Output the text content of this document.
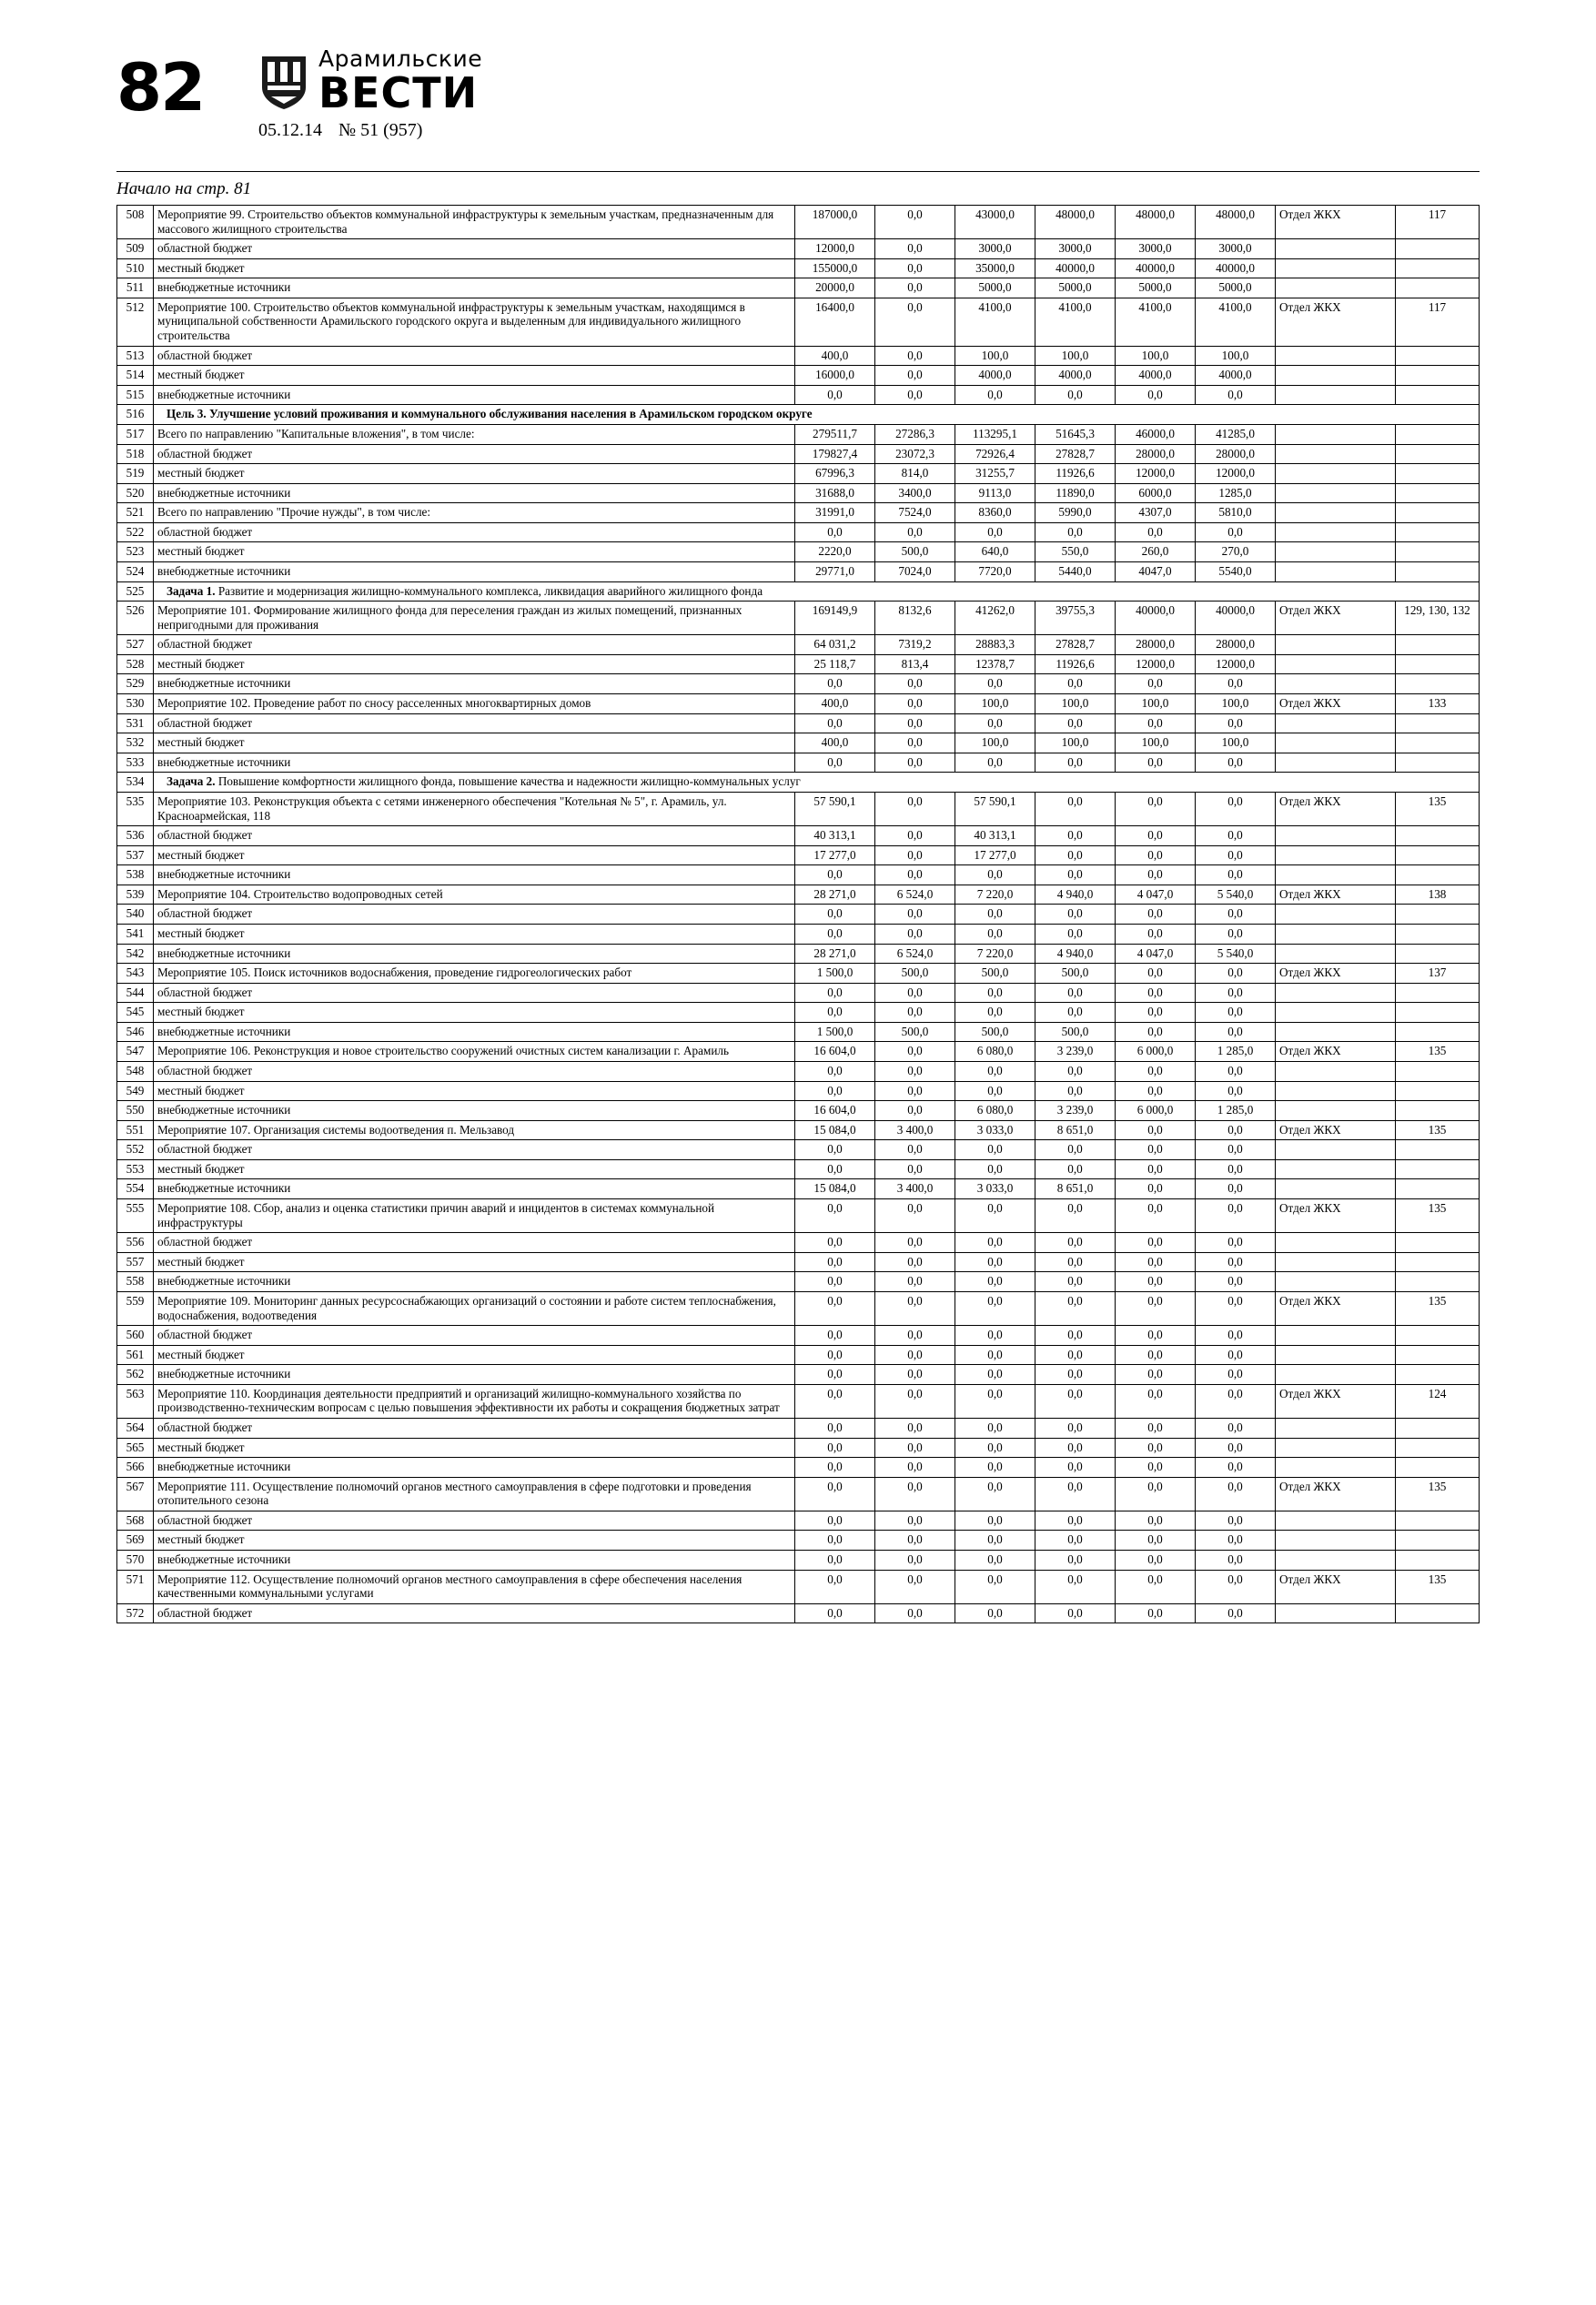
82	Арамильские
ВЕСТИ
05.12.14 № 51 (957)
Начало на стр. 81
508	Мероприятие 99. Строительство объектов коммунальной инфраструктуры к земельным участкам, предназначенным для массового жилищного строительства	187000,0	0,0	43000,0	48000,0	48000,0	48000,0	Отдел ЖКХ	117
509	областной бюджет	12000,0	0,0	3000,0	3000,0	3000,0	3000,0		
510	местный бюджет	155000,0	0,0	35000,0	40000,0	40000,0	40000,0		
511	внебюджетные источники	20000,0	0,0	5000,0	5000,0	5000,0	5000,0		
512	Мероприятие 100. Строительство объектов коммунальной инфраструктуры к земельным участкам, находящимся в муниципальной собственности Арамильского городского округа и выделенным для индивидуального жилищного строительства	16400,0	0,0	4100,0	4100,0	4100,0	4100,0	Отдел ЖКХ	117
513	областной бюджет	400,0	0,0	100,0	100,0	100,0	100,0		
514	местный бюджет	16000,0	0,0	4000,0	4000,0	4000,0	4000,0		
515	внебюджетные источники	0,0	0,0	0,0	0,0	0,0	0,0		
516	Цель 3. Улучшение условий проживания и коммунального обслуживания населения в Арамильском городском округе								
517	Всего по направлению "Капитальные вложения", в том числе:	279511,7	27286,3	113295,1	51645,3	46000,0	41285,0		
518	областной бюджет	179827,4	23072,3	72926,4	27828,7	28000,0	28000,0		
519	местный бюджет	67996,3	814,0	31255,7	11926,6	12000,0	12000,0		
520	внебюджетные источники	31688,0	3400,0	9113,0	11890,0	6000,0	1285,0		
521	Всего по направлению "Прочие нужды", в том числе:	31991,0	7524,0	8360,0	5990,0	4307,0	5810,0		
522	областной бюджет	0,0	0,0	0,0	0,0	0,0	0,0		
523	местный бюджет	2220,0	500,0	640,0	550,0	260,0	270,0		
524	внебюджетные источники	29771,0	7024,0	7720,0	5440,0	4047,0	5540,0		
525	Задача 1. Развитие и модернизация жилищно-коммунального комплекса, ликвидация аварийного жилищного фонда								
526	Мероприятие 101. Формирование жилищного фонда для переселения граждан из жилых помещений, признанных непригодными для проживания	169149,9	8132,6	41262,0	39755,3	40000,0	40000,0	Отдел ЖКХ	129, 130, 132
527	областной бюджет	64 031,2	7319,2	28883,3	27828,7	28000,0	28000,0		
528	местный бюджет	25 118,7	813,4	12378,7	11926,6	12000,0	12000,0		
529	внебюджетные источники	0,0	0,0	0,0	0,0	0,0	0,0		
530	Мероприятие 102. Проведение работ по сносу расселенных многоквартирных домов	400,0	0,0	100,0	100,0	100,0	100,0	Отдел ЖКХ	133
531	областной бюджет	0,0	0,0	0,0	0,0	0,0	0,0		
532	местный бюджет	400,0	0,0	100,0	100,0	100,0	100,0		
533	внебюджетные источники	0,0	0,0	0,0	0,0	0,0	0,0		
534	Задача 2. Повышение комфортности жилищного фонда, повышение качества и надежности жилищно-коммунальных услуг								
535	Мероприятие 103. Реконструкция объекта с сетями инженерного обеспечения "Котельная № 5", г. Арамиль, ул. Красноармейская, 118	57 590,1	0,0	57 590,1	0,0	0,0	0,0	Отдел ЖКХ	135
536	областной бюджет	40 313,1	0,0	40 313,1	0,0	0,0	0,0		
537	местный бюджет	17 277,0	0,0	17 277,0	0,0	0,0	0,0		
538	внебюджетные источники	0,0	0,0	0,0	0,0	0,0	0,0		
539	Мероприятие 104. Строительство водопроводных сетей	28 271,0	6 524,0	7 220,0	4 940,0	4 047,0	5 540,0	Отдел ЖКХ	138
540	областной бюджет	0,0	0,0	0,0	0,0	0,0	0,0		
541	местный бюджет	0,0	0,0	0,0	0,0	0,0	0,0		
542	внебюджетные источники	28 271,0	6 524,0	7 220,0	4 940,0	4 047,0	5 540,0		
543	Мероприятие 105. Поиск источников водоснабжения, проведение гидрогеологических работ	1 500,0	500,0	500,0	500,0	0,0	0,0	Отдел ЖКХ	137
544	областной бюджет	0,0	0,0	0,0	0,0	0,0	0,0		
545	местный бюджет	0,0	0,0	0,0	0,0	0,0	0,0		
546	внебюджетные источники	1 500,0	500,0	500,0	500,0	0,0	0,0		
547	Мероприятие 106. Реконструкция и новое строительство сооружений очистных систем канализации г. Арамиль	16 604,0	0,0	6 080,0	3 239,0	6 000,0	1 285,0	Отдел ЖКХ	135
548	областной бюджет	0,0	0,0	0,0	0,0	0,0	0,0		
549	местный бюджет	0,0	0,0	0,0	0,0	0,0	0,0		
550	внебюджетные источники	16 604,0	0,0	6 080,0	3 239,0	6 000,0	1 285,0		
551	Мероприятие 107. Организация системы водоотведения п. Мельзавод	15 084,0	3 400,0	3 033,0	8 651,0	0,0	0,0	Отдел ЖКХ	135
552	областной бюджет	0,0	0,0	0,0	0,0	0,0	0,0		
553	местный бюджет	0,0	0,0	0,0	0,0	0,0	0,0		
554	внебюджетные источники	15 084,0	3 400,0	3 033,0	8 651,0	0,0	0,0		
555	Мероприятие 108. Сбор, анализ и оценка статистики причин аварий и инцидентов в системах коммунальной инфраструктуры	0,0	0,0	0,0	0,0	0,0	0,0	Отдел ЖКХ	135
556	областной бюджет	0,0	0,0	0,0	0,0	0,0	0,0		
557	местный бюджет	0,0	0,0	0,0	0,0	0,0	0,0		
558	внебюджетные источники	0,0	0,0	0,0	0,0	0,0	0,0		
559	Мероприятие 109. Мониторинг данных ресурсоснабжающих организаций о состоянии и работе систем теплоснабжения, водоснабжения, водоотведения	0,0	0,0	0,0	0,0	0,0	0,0	Отдел ЖКХ	135
560	областной бюджет	0,0	0,0	0,0	0,0	0,0	0,0		
561	местный бюджет	0,0	0,0	0,0	0,0	0,0	0,0		
562	внебюджетные источники	0,0	0,0	0,0	0,0	0,0	0,0		
563	Мероприятие 110. Координация деятельности предприятий и организаций жилищно-коммунального хозяйства по производственно-техническим вопросам с целью повышения эффективности их работы и сокращения бюджетных затрат	0,0	0,0	0,0	0,0	0,0	0,0	Отдел ЖКХ	124
564	областной бюджет	0,0	0,0	0,0	0,0	0,0	0,0		
565	местный бюджет	0,0	0,0	0,0	0,0	0,0	0,0		
566	внебюджетные источники	0,0	0,0	0,0	0,0	0,0	0,0		
567	Мероприятие 111. Осуществление полномочий органов местного самоуправления в сфере подготовки и проведения отопительного сезона	0,0	0,0	0,0	0,0	0,0	0,0	Отдел ЖКХ	135
568	областной бюджет	0,0	0,0	0,0	0,0	0,0	0,0		
569	местный бюджет	0,0	0,0	0,0	0,0	0,0	0,0		
570	внебюджетные источники	0,0	0,0	0,0	0,0	0,0	0,0		
571	Мероприятие 112. Осуществление полномочий органов местного самоуправления в сфере обеспечения населения качественными коммунальными услугами	0,0	0,0	0,0	0,0	0,0	0,0	Отдел ЖКХ	135
572	областной бюджет	0,0	0,0	0,0	0,0	0,0	0,0		
